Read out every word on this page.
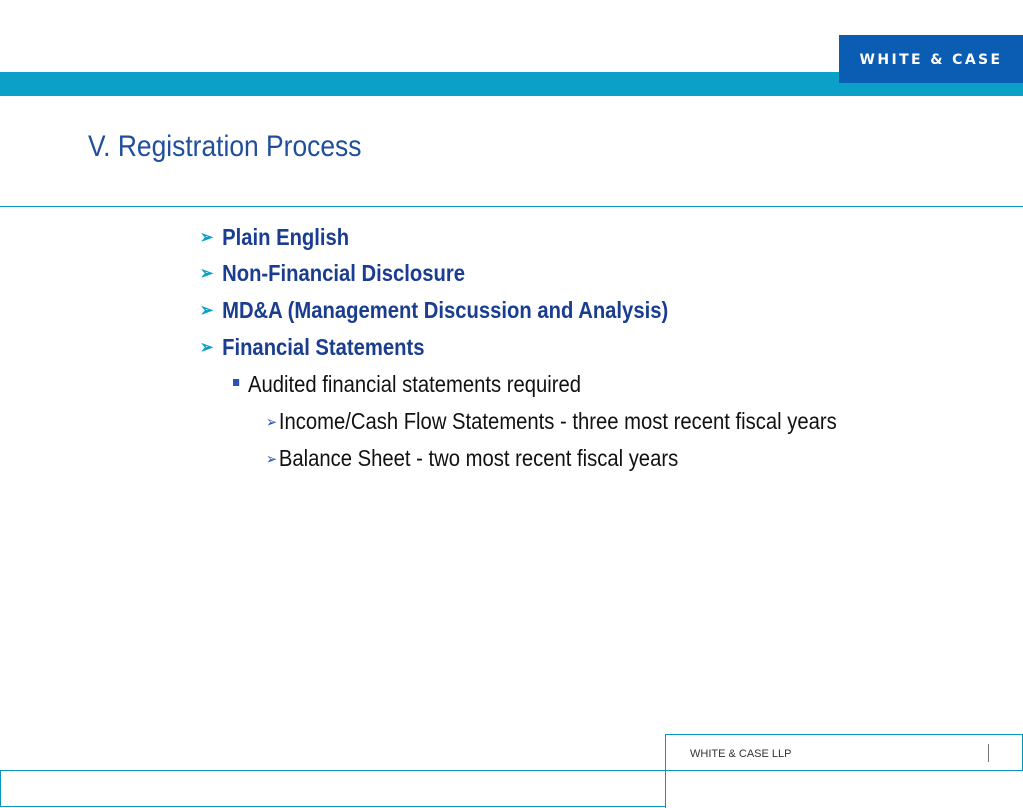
WHITE & CASE
V. Registration Process
➢ Plain English
➢ Non-Financial Disclosure
➢ MD&A (Management Discussion and Analysis)
➢ Financial Statements
Audited financial statements required
➢Income/Cash Flow Statements - three most recent fiscal years
➢Balance Sheet - two most recent fiscal years
WHITE & CASE LLP
